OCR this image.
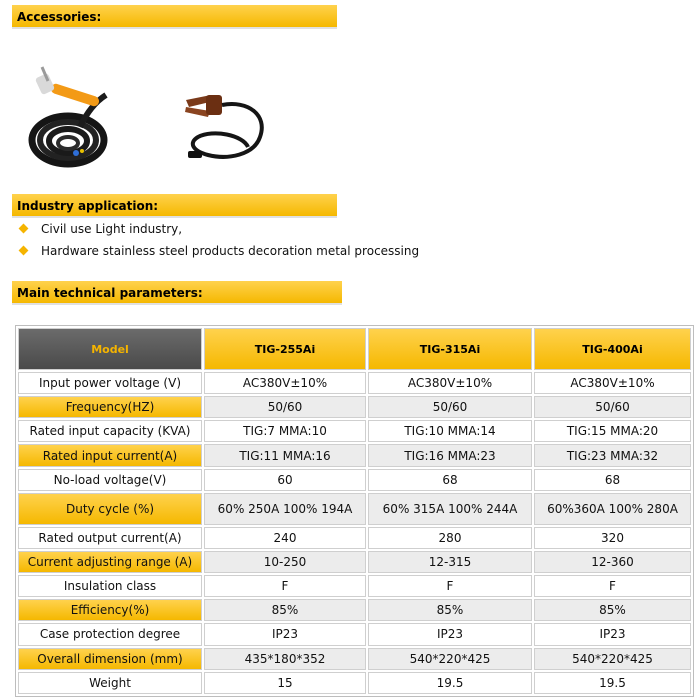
Accessories:
Industry application:
Civil use Light industry,
Hardware stainless steel products decoration metal processing
Main technical parameters:
Model	TIG-255Ai	TIG-315Ai	TIG-400Ai
Input power voltage (V)	AC380V±10%	AC380V±10%	AC380V±10%
Frequency(HZ)	50/60	50/60	50/60
Rated input capacity (KVA)	TIG:7 MMA:10	TIG:10 MMA:14	TIG:15 MMA:20
Rated input current(A)	TIG:11 MMA:16	TIG:16 MMA:23	TIG:23 MMA:32
No-load voltage(V)	60	68	68
Duty cycle (%)	60% 250A 100% 194A	60% 315A 100% 244A	60%360A 100% 280A
Rated output current(A)	240	280	320
Current adjusting range (A)	10-250	12-315	12-360
Insulation class	F	F	F
Efficiency(%)	85%	85%	85%
Case protection degree	IP23	IP23	IP23
Overall dimension (mm)	435*180*352	540*220*425	540*220*425
Weight	15	19.5	19.5
